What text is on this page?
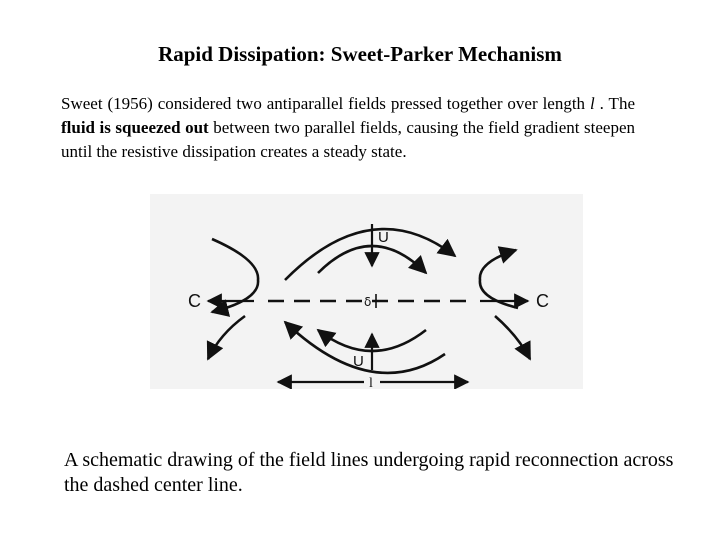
Rapid Dissipation: Sweet-Parker Mechanism
Sweet (1956) considered two antiparallel fields pressed together over length l . The fluid is squeezed out between two parallel fields, causing the field gradient steepen until the resistive dissipation creates a steady state.
U
U
C	C
δ
l
A schematic drawing of the field lines undergoing rapid reconnection across the dashed center line.
